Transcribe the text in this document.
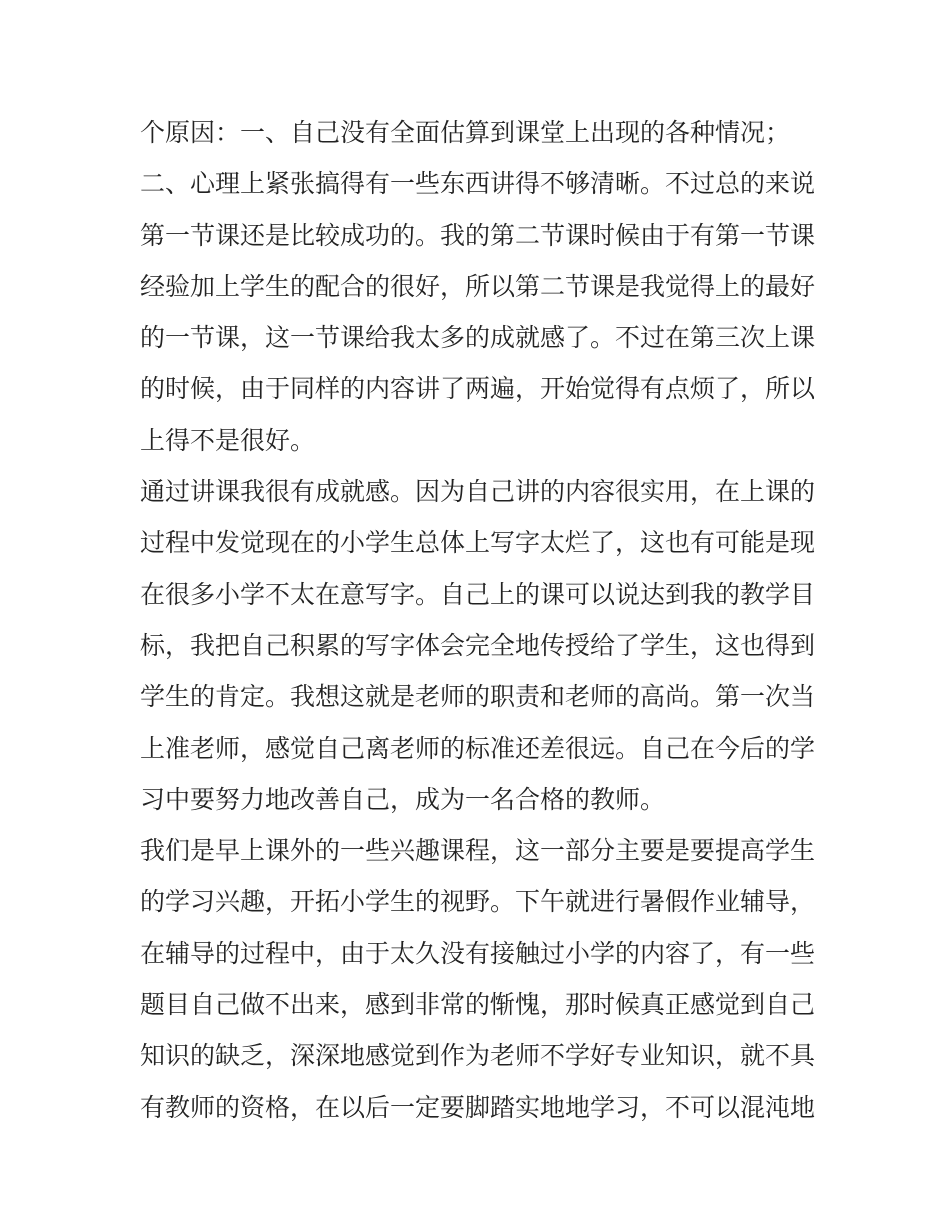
个原因：一、自己没有全面估算到课堂上出现的各种情况；
二、心理上紧张搞得有一些东西讲得不够清晰。不过总的来说
第一节课还是比较成功的。我的第二节课时候由于有第一节课
经验加上学生的配合的很好，所以第二节课是我觉得上的最好
的一节课，这一节课给我太多的成就感了。不过在第三次上课
的时候，由于同样的内容讲了两遍，开始觉得有点烦了，所以
上得不是很好。
通过讲课我很有成就感。因为自己讲的内容很实用，在上课的
过程中发觉现在的小学生总体上写字太烂了，这也有可能是现
在很多小学不太在意写字。自己上的课可以说达到我的教学目
标，我把自己积累的写字体会完全地传授给了学生，这也得到
学生的肯定。我想这就是老师的职责和老师的高尚。第一次当
上准老师，感觉自己离老师的标准还差很远。自己在今后的学
习中要努力地改善自己，成为一名合格的教师。
我们是早上课外的一些兴趣课程，这一部分主要是要提高学生
的学习兴趣，开拓小学生的视野。下午就进行暑假作业辅导，
在辅导的过程中，由于太久没有接触过小学的内容了，有一些
题目自己做不出来，感到非常的惭愧，那时候真正感觉到自己
知识的缺乏，深深地感觉到作为老师不学好专业知识，就不具
有教师的资格，在以后一定要脚踏实地地学习，不可以混沌地
